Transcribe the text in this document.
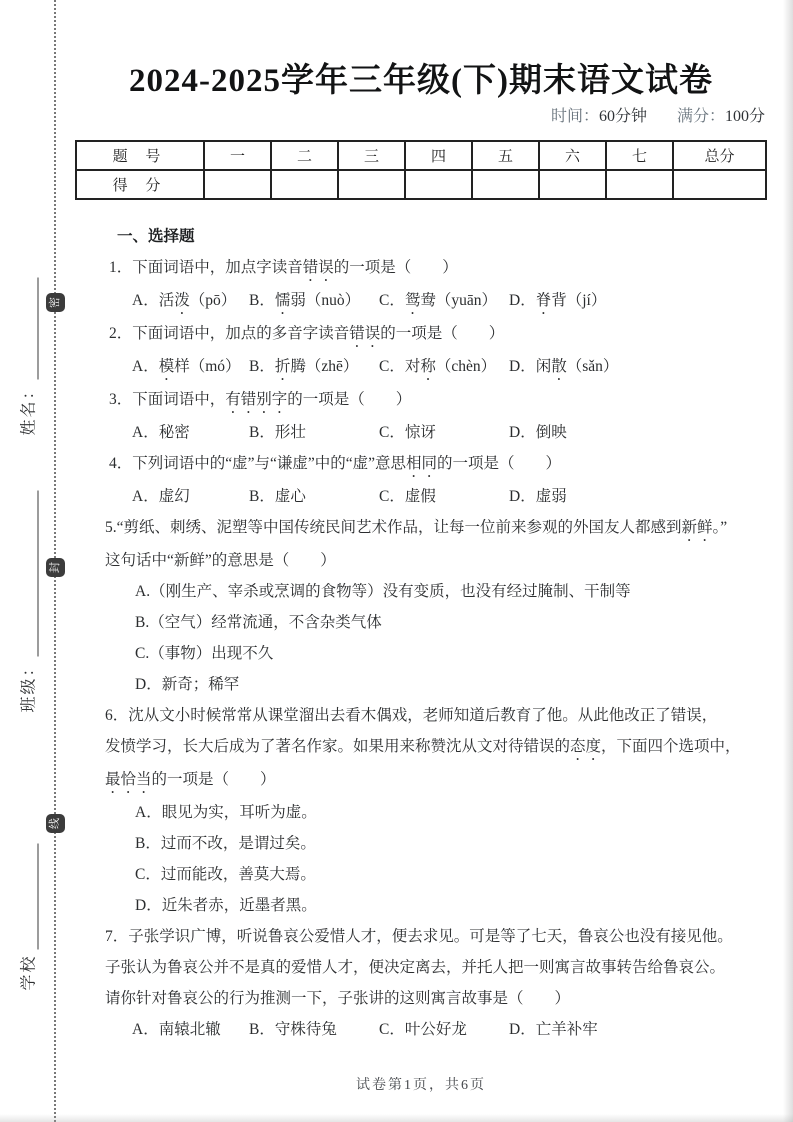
姓名：
班级：
学校
密
封
线
2024-2025学年三年级(下)期末语文试卷
时间：60分钟 满分：100分
题 号	一	二	三	四	五	六	七	总分
得 分								
一、选择题
1．下面词语中，加点字读音错误的一项是（　　）
A．活泼（pō） B．懦弱（nuò）	C．鸳鸯（yuān） D．脊背（jí）
2．下面词语中，加点的多音字读音错误的一项是（　　）
A．模样（mó） B．折腾（zhē）	C．对称（chèn） D．闲散（sǎn）
3．下面词语中，有错别字的一项是（　　）
A．秘密	B．形壮	C．惊讶	D．倒映
4．下列词语中的“虚”与“谦虚”中的“虚”意思相同的一项是（　　）
A．虚幻	B．虚心	C．虚假	D．虚弱
5.“剪纸、刺绣、泥塑等中国传统民间艺术作品，让每一位前来参观的外国友人都感到新鲜。”
这句话中“新鲜”的意思是（　　）
A.（刚生产、宰杀或烹调的食物等）没有变质，也没有经过腌制、干制等
B.（空气）经常流通，不含杂类气体
C.（事物）出现不久
D．新奇；稀罕
6．沈从文小时候常常从课堂溜出去看木偶戏，老师知道后教育了他。从此他改正了错误，
发愤学习，长大后成为了著名作家。如果用来称赞沈从文对待错误的态度，下面四个选项中，
最恰当的一项是（　　）
A．眼见为实，耳听为虚。
B．过而不改，是谓过矣。
C．过而能改，善莫大焉。
D．近朱者赤，近墨者黑。
7．子张学识广博，听说鲁哀公爱惜人才，便去求见。可是等了七天，鲁哀公也没有接见他。
子张认为鲁哀公并不是真的爱惜人才，便决定离去，并托人把一则寓言故事转告给鲁哀公。
请你针对鲁哀公的行为推测一下，子张讲的这则寓言故事是（　　）
A．南辕北辙	B．守株待兔	C．叶公好龙	D．亡羊补牢
试卷第1页，共6页
